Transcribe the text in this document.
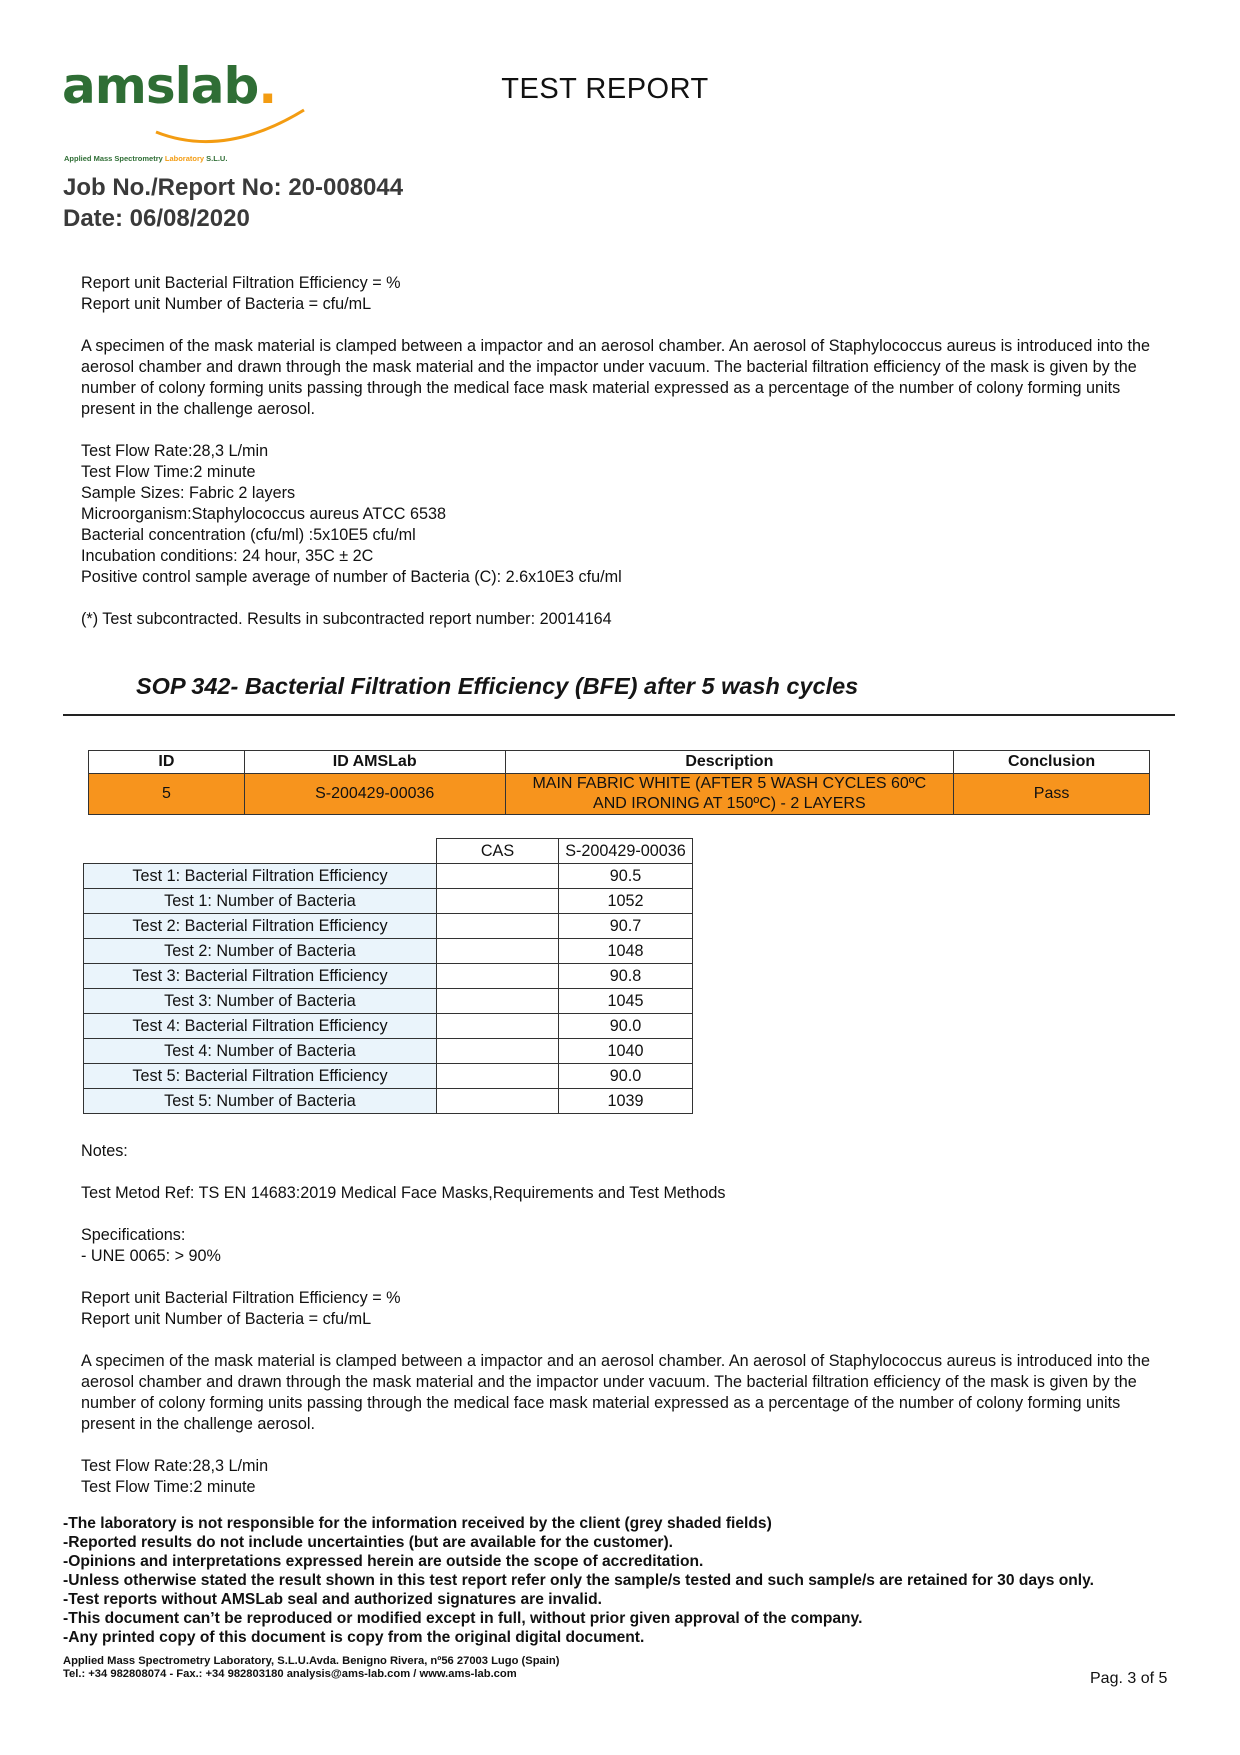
amslab.
Applied Mass Spectrometry Laboratory S.L.U.
TEST REPORT
Job No./Report No: 20-008044
Date: 06/08/2020

Report unit Bacterial Filtration Efficiency = %

Report unit Number of Bacteria = cfu/mL

A specimen of the mask material is clamped between a impactor and an aerosol chamber. An aerosol of Staphylococcus aureus is introduced into the aerosol chamber and drawn through the mask material and the impactor under vacuum. The bacterial filtration efficiency of the mask is given by the number of colony forming units passing through the medical face mask material expressed as a percentage of the number of colony forming units present in the challenge aerosol.

Test Flow Rate:28,3 L/min

Test Flow Time:2 minute

Sample Sizes: Fabric 2 layers

Microorganism:Staphylococcus aureus ATCC 6538

Bacterial concentration (cfu/ml) :5x10E5 cfu/ml

Incubation conditions: 24 hour, 35C ± 2C

Positive control sample average of number of Bacteria (C): 2.6x10E3 cfu/ml

(*) Test subcontracted. Results in subcontracted report number: 20014164

SOP 342- Bacterial Filtration Efficiency (BFE) after 5 wash cycles
ID	ID AMSLab	Description	Conclusion
5	S-200429-00036	MAIN FABRIC WHITE (AFTER 5 WASH CYCLES 60ºC
AND IRONING AT 150ºC) - 2 LAYERS	Pass
	CAS	S-200429-00036
Test 1: Bacterial Filtration Efficiency		90.5
Test 1: Number of Bacteria		1052
Test 2: Bacterial Filtration Efficiency		90.7
Test 2: Number of Bacteria		1048
Test 3: Bacterial Filtration Efficiency		90.8
Test 3: Number of Bacteria		1045
Test 4: Bacterial Filtration Efficiency		90.0
Test 4: Number of Bacteria		1040
Test 5: Bacterial Filtration Efficiency		90.0
Test 5: Number of Bacteria		1039

Notes:

Test Metod Ref: TS EN 14683:2019 Medical Face Masks,Requirements and Test Methods

Specifications:

- UNE 0065: > 90%

Report unit Bacterial Filtration Efficiency = %

Report unit Number of Bacteria = cfu/mL

A specimen of the mask material is clamped between a impactor and an aerosol chamber. An aerosol of Staphylococcus aureus is introduced into the aerosol chamber and drawn through the mask material and the impactor under vacuum. The bacterial filtration efficiency of the mask is given by the number of colony forming units passing through the medical face mask material expressed as a percentage of the number of colony forming units present in the challenge aerosol.

Test Flow Rate:28,3 L/min

Test Flow Time:2 minute

-The laboratory is not responsible for the information received by the client (grey shaded fields)
-Reported results do not include uncertainties (but are available for the customer).
-Opinions and interpretations expressed herein are outside the scope of accreditation.
-Unless otherwise stated the result shown in this test report refer only the sample/s tested and such sample/s are retained for 30 days only.
-Test reports without AMSLab seal and authorized signatures are invalid.
-This document can’t be reproduced or modified except in full, without prior given approval of the company.
-Any printed copy of this document is copy from the original digital document.
Applied Mass Spectrometry Laboratory, S.L.U.Avda. Benigno Rivera, nº56 27003 Lugo (Spain)
Tel.: +34 982808074 - Fax.: +34 982803180 analysis@ams-lab.com / www.ams-lab.com	Pag. 3 of 5
